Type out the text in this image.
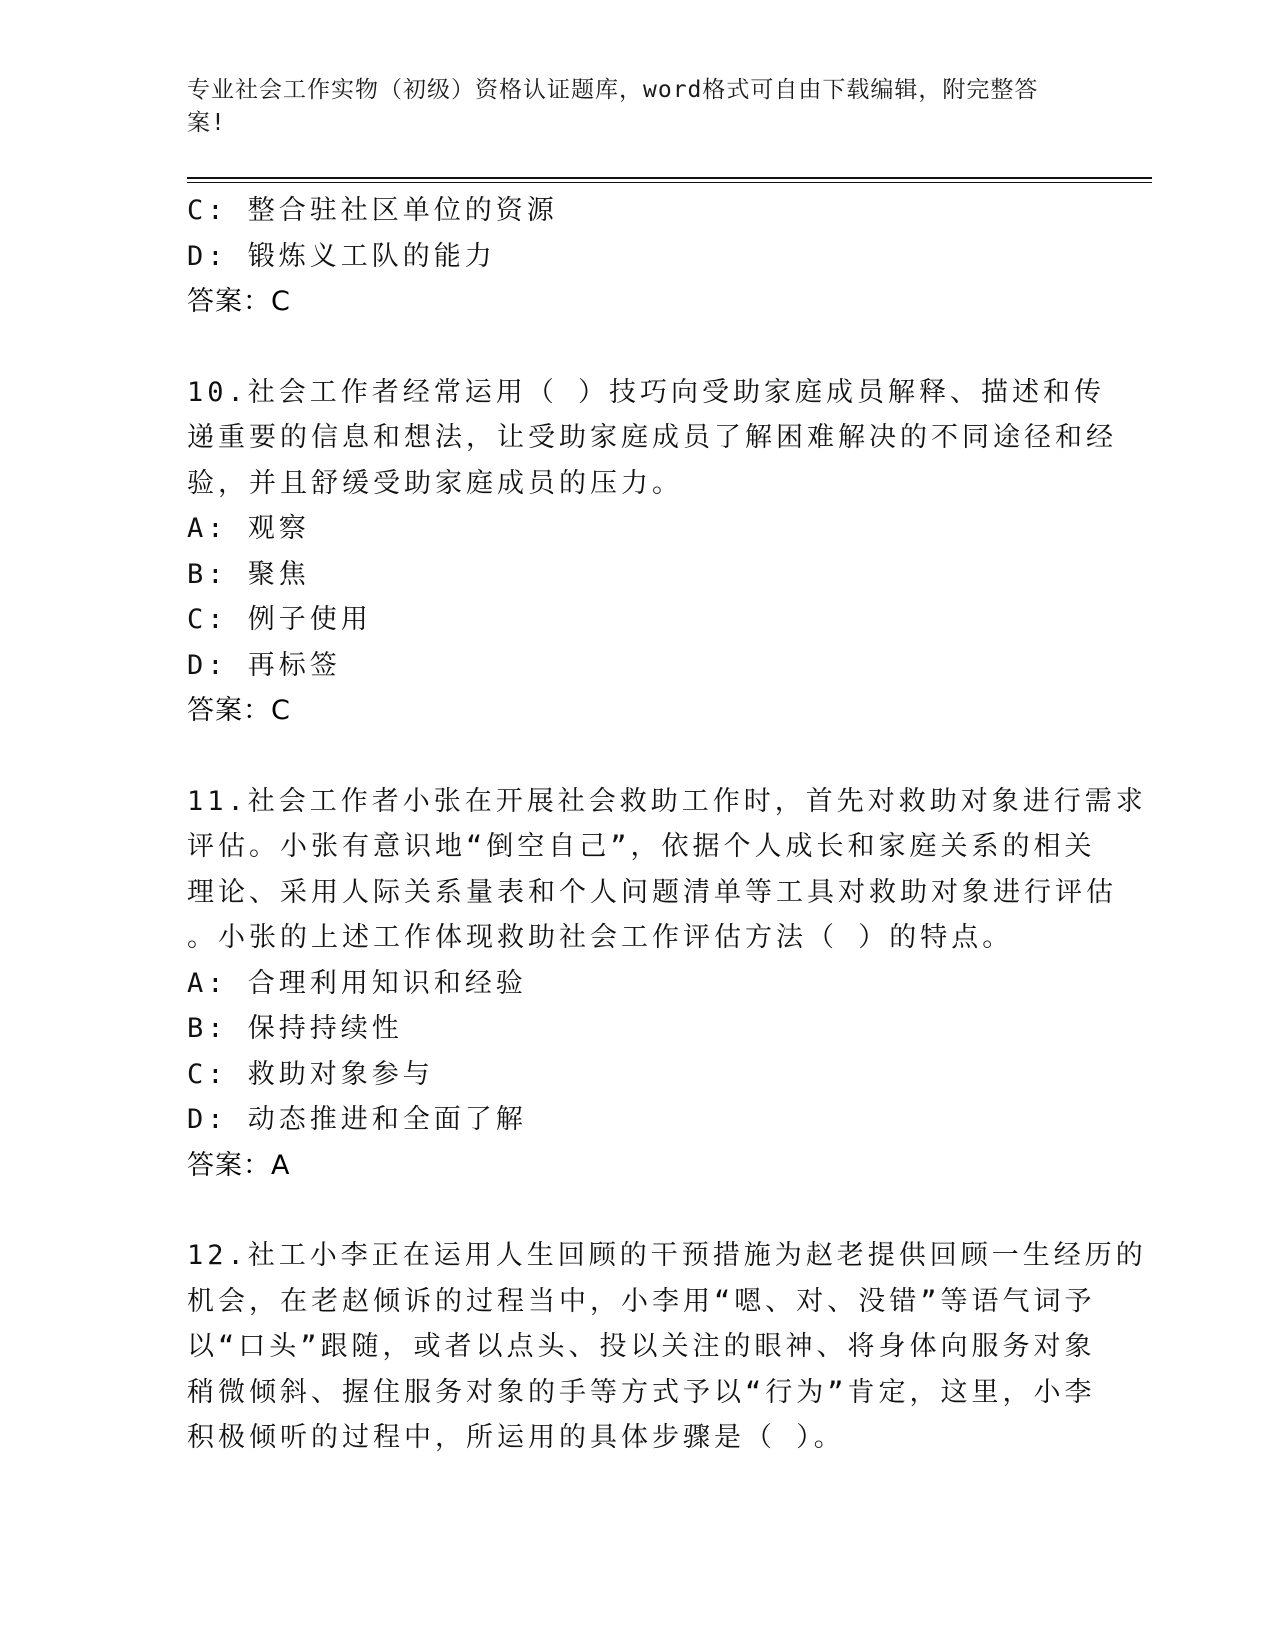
专业社会工作实物（初级）资格认证题库，word格式可自由下载编辑，附完整答
案!
C: 整合驻社区单位的资源
D: 锻炼义工队的能力
答案：C
10.社会工作者经常运用（ ）技巧向受助家庭成员解释、描述和传
递重要的信息和想法，让受助家庭成员了解困难解决的不同途径和经
验，并且舒缓受助家庭成员的压力。
A: 观察
B: 聚焦
C: 例子使用
D: 再标签
答案：C
11.社会工作者小张在开展社会救助工作时，首先对救助对象进行需求
评估。小张有意识地“倒空自己”，依据个人成长和家庭关系的相关
理论、采用人际关系量表和个人问题清单等工具对救助对象进行评估
。小张的上述工作体现救助社会工作评估方法（ ）的特点。
A: 合理利用知识和经验
B: 保持持续性
C: 救助对象参与
D: 动态推进和全面了解
答案：A
12.社工小李正在运用人生回顾的干预措施为赵老提供回顾一生经历的
机会，在老赵倾诉的过程当中，小李用“嗯、对、没错”等语气词予
以“口头”跟随，或者以点头、投以关注的眼神、将身体向服务对象
稍微倾斜、握住服务对象的手等方式予以“行为”肯定，这里，小李
积极倾听的过程中，所运用的具体步骤是（ ）。
